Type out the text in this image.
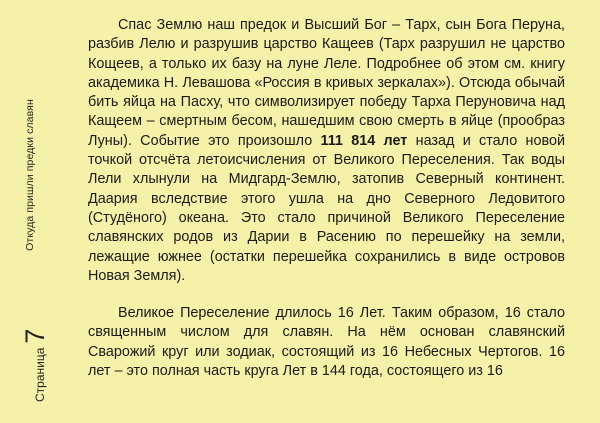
Откуда пришли предки славян
Страница
7

Спас Землю наш предок и Высший Бог – Тарх, сын Бога Перуна, разбив Лелю и разрушив царство Кащеев (Тарх разрушил не царство Кощеев, а только их базу на луне Леле. Подробнее об этом см. книгу академика Н. Левашова «Россия в кривых зеркалах»). Отсюда обычай бить яйца на Пасху, что символизирует победу Тарха Перуновича над Кащеем – смертным бесом, нашедшим свою смерть в яйце (прообраз Луны). Событие это произошло 111 814 лет назад и стало новой точкой отсчёта летоисчисления от Великого Переселения. Так воды Лели хлынули на Мидгард-Землю, затопив Северный континент. Даария вследствие этого ушла на дно Северного Ледовитого (Студёного) океана. Это стало причиной Великого Переселение славянских родов из Дарии в Расению по перешейку на земли, лежащие южнее (остатки перешейка сохранились в виде островов Новая Земля).

Великое Переселение длилось 16 Лет. Таким образом, 16 стало священным числом для славян. На нём основан славянский Сварожий круг или зодиак, состоящий из 16 Небесных Чертогов. 16 лет – это полная часть круга Лет в 144 года, состоящего из 16
